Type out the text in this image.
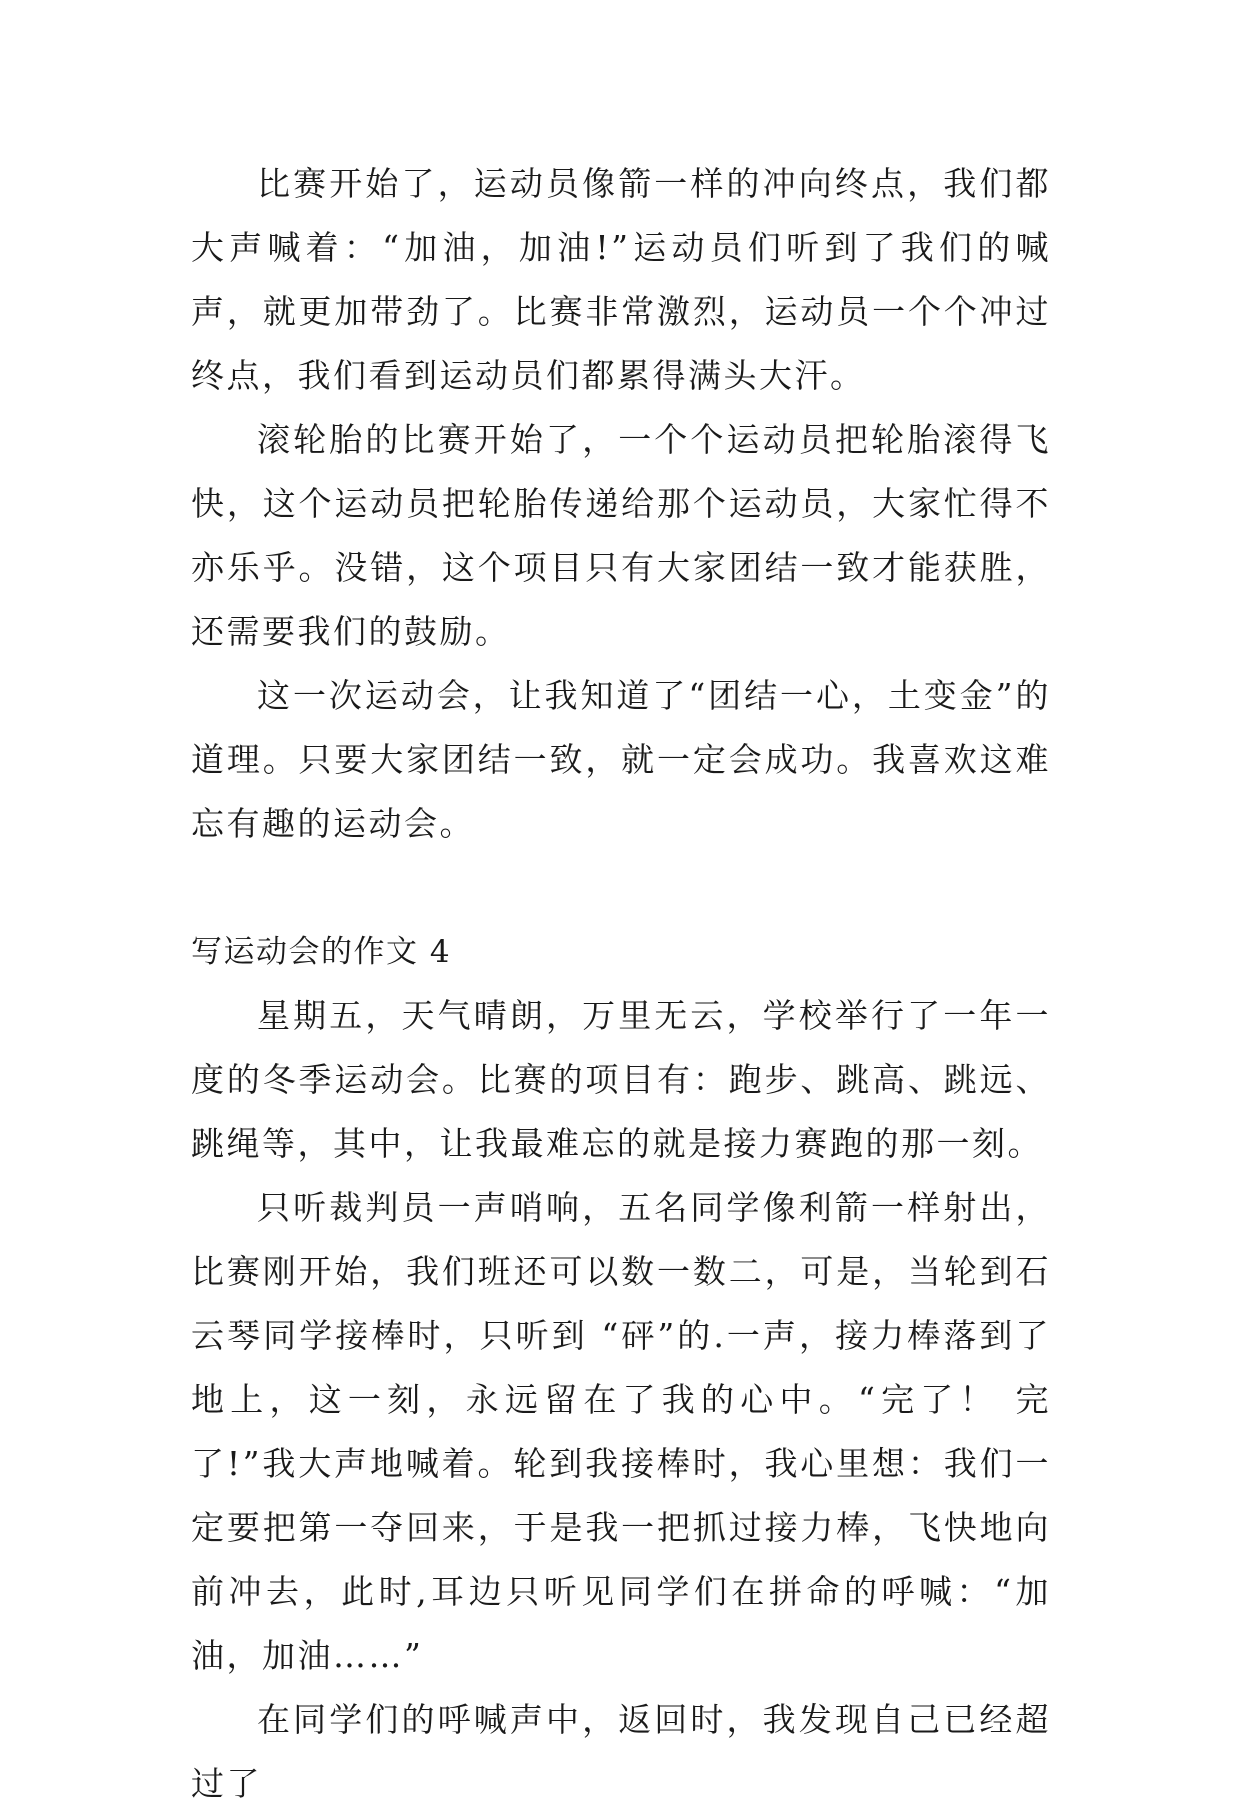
比赛开始了，运动员像箭一样的冲向终点，我们都大声喊着：“加油，加油!”运动员们听到了我们的喊声，就更加带劲了。比赛非常激烈，运动员一个个冲过终点，我们看到运动员们都累得满头大汗。

滚轮胎的比赛开始了，一个个运动员把轮胎滚得飞快，这个运动员把轮胎传递给那个运动员，大家忙得不亦乐乎。没错，这个项目只有大家团结一致才能获胜，还需要我们的鼓励。

这一次运动会，让我知道了“团结一心，土变金”的道理。只要大家团结一致，就一定会成功。我喜欢这难忘有趣的运动会。

写运动会的作文 4

星期五，天气晴朗，万里无云，学校举行了一年一度的冬季运动会。比赛的项目有：跑步、跳高、跳远、跳绳等，其中，让我最难忘的就是接力赛跑的那一刻。

只听裁判员一声哨响，五名同学像利箭一样射出，比赛刚开始，我们班还可以数一数二，可是，当轮到石云琴同学接棒时，只听到 “砰”的.一声，接力棒落到了地上，这一刻，永远留在了我的心中。“完了！ 完了!”我大声地喊着。轮到我接棒时，我心里想：我们一定要把第一夺回来，于是我一把抓过接力棒，飞快地向前冲去，此时,耳边只听见同学们在拼命的呼喊：“加油，加油……”

在同学们的呼喊声中，返回时，我发现自己已经超过了
